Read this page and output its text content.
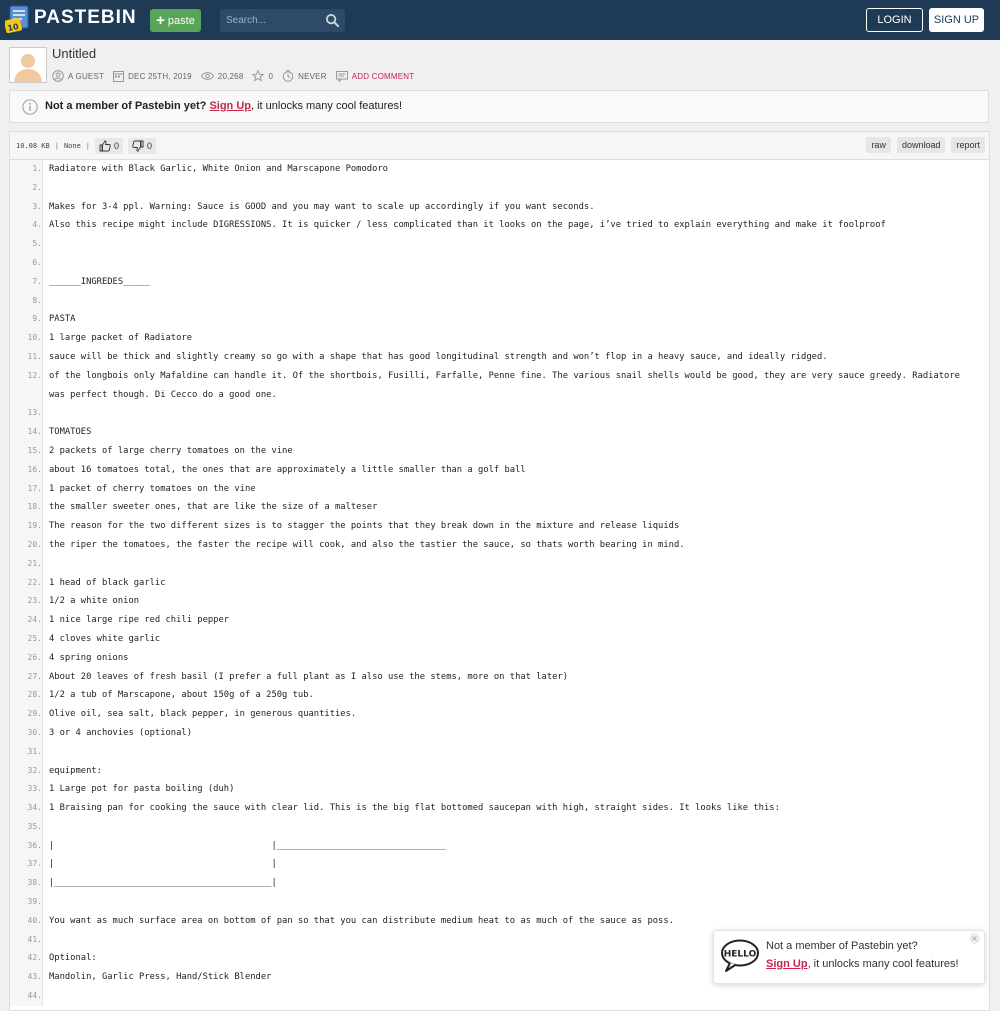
10 PASTEBIN + paste
Search...	LOGIN	SIGN UP
Untitled
A GUEST	DEC 25TH, 2019	20,268	0	NEVER	ADD COMMENT
Not a member of Pastebin yet? Sign Up, it unlocks many cool features!
10.08 KB | None |	0	0	raw	download	report
1. Radiatore with Black Garlic, White Onion and Marscapone Pomodoro
2.
3. Makes for 3-4 ppl. Warning: Sauce is GOOD and you may want to scale up accordingly if you want seconds.
4. Also this recipe might include DIGRESSIONS. It is quicker / less complicated than it looks on the page, i’ve tried to explain everything and make it foolproof
5.
6.
7. ______INGREDES_____
8.
9. PASTA
10. 1 large packet of Radiatore
11. sauce will be thick and slightly creamy so go with a shape that has good longitudinal strength and won’t flop in a heavy sauce, and ideally ridged.
12. of the longbois only Mafaldine can handle it. Of the shortbois, Fusilli, Farfalle, Penne fine. The various snail shells would be good, they are very sauce greedy. Radiatore was perfect though. Di Cecco do a good one.
13.
14. TOMATOES
15. 2 packets of large cherry tomatoes on the vine
16. about 16 tomatoes total, the ones that are approximately a little smaller than a golf ball
17. 1 packet of cherry tomatoes on the vine
18. the smaller sweeter ones, that are like the size of a malteser
19. The reason for the two different sizes is to stagger the points that they break down in the mixture and release liquids
20. the riper the tomatoes, the faster the recipe will cook, and also the tastier the sauce, so thats worth bearing in mind.
21.
22. 1 head of black garlic
23. 1/2 a white onion
24. 1 nice large ripe red chili pepper
25. 4 cloves white garlic
26. 4 spring onions
27. About 20 leaves of fresh basil (I prefer a full plant as I also use the stems, more on that later)
28. 1/2 a tub of Marscapone, about 150g of a 250g tub.
29. Olive oil, sea salt, black pepper, in generous quantities.
30. 3 or 4 anchovies (optional)
31.
32. equipment:
33. 1 Large pot for pasta boiling (duh)
34. 1 Braising pan for cooking the sauce with clear lid. This is the big flat bottomed saucepan with high, straight sides. It looks like this:
35.
36. |                                         |________________________________
37. |                                         |
38. |_________________________________________|
39.
40. You want as much surface area on bottom of pan so that you can distribute medium heat to as much of the sauce as poss.
41.
42. Optional:
43. Mandolin, Garlic Press, Hand/Stick Blender
44.
HELLO
×
Not a member of Pastebin yet?
Sign Up, it unlocks many cool features!
